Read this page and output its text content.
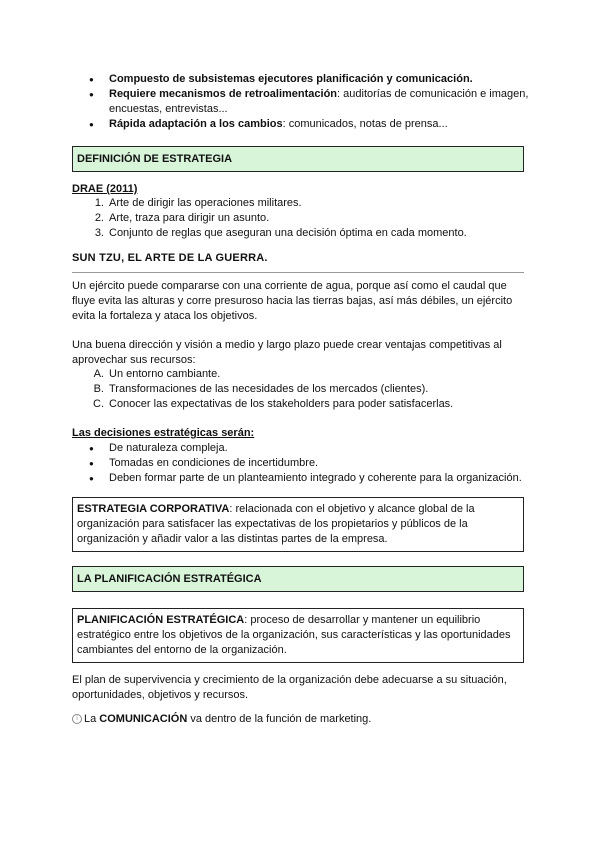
● Compuesto de subsistemas ejecutores planificación y comunicación.
● Requiere mecanismos de retroalimentación: auditorías de comunicación e imagen, encuestas, entrevistas...
● Rápida adaptación a los cambios: comunicados, notas de prensa...
DEFINICIÓN DE ESTRATEGIA
DRAE (2011)
1. Arte de dirigir las operaciones militares.
2. Arte, traza para dirigir un asunto.
3. Conjunto de reglas que aseguran una decisión óptima en cada momento.
SUN TZU, EL ARTE DE LA GUERRA.
Un ejército puede compararse con una corriente de agua, porque así como el caudal que fluye evita las alturas y corre presuroso hacia las tierras bajas, así más débiles, un ejército evita la fortaleza y ataca los objetivos.
Una buena dirección y visión a medio y largo plazo puede crear ventajas competitivas al aprovechar sus recursos:
A. Un entorno cambiante.
B. Transformaciones de las necesidades de los mercados (clientes).
C. Conocer las expectativas de los stakeholders para poder satisfacerlas.
Las decisiones estratégicas serán:
● De naturaleza compleja.
● Tomadas en condiciones de incertidumbre.
● Deben formar parte de un planteamiento integrado y coherente para la organización.
ESTRATEGIA CORPORATIVA: relacionada con el objetivo y alcance global de la organización para satisfacer las expectativas de los propietarios y públicos de la organización y añadir valor a las distintas partes de la empresa.
LA PLANIFICACIÓN ESTRATÉGICA
PLANIFICACIÓN ESTRATÉGICA: proceso de desarrollar y mantener un equilibrio estratégico entre los objetivos de la organización, sus características y las oportunidades cambiantes del entorno de la organización.
El plan de supervivencia y crecimiento de la organización debe adecuarse a su situación, oportunidades, objetivos y recursos.
i La COMUNICACIÓN va dentro de la función de marketing.
